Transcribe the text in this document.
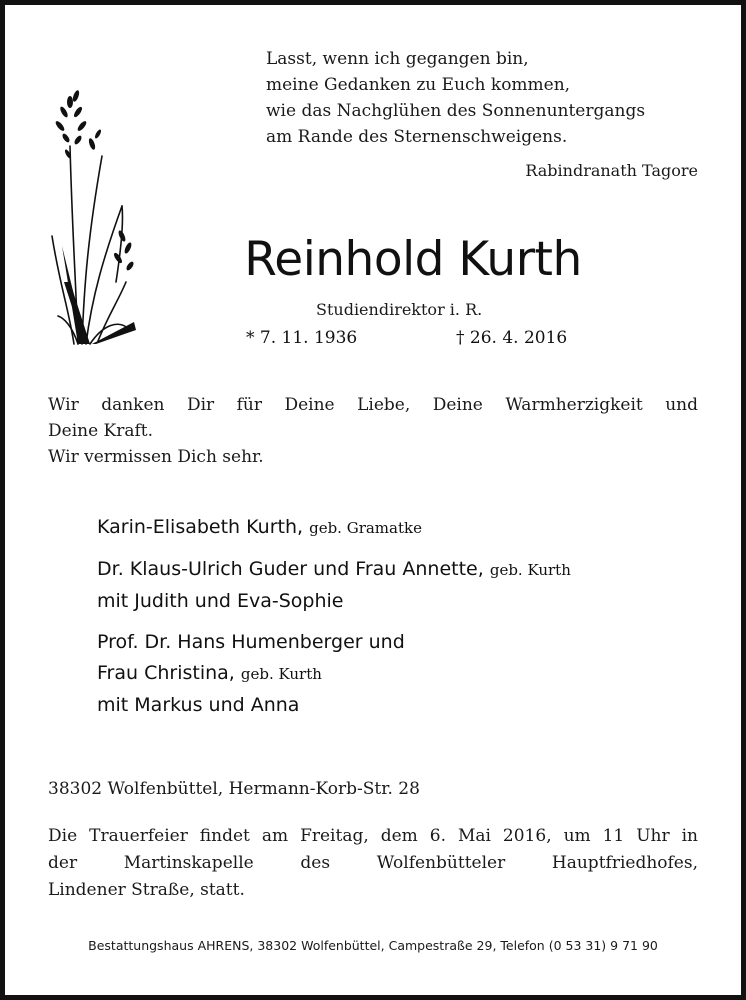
Lasst, wenn ich gegangen bin,
meine Gedanken zu Euch kommen,
wie das Nachglühen des Sonnenuntergangs
am Rande des Sternenschweigens.
Rabindranath Tagore
Reinhold Kurth
Studiendirektor i. R.
* 7. 11. 1936	† 26. 4. 2016
Wir danken Dir für Deine Liebe, Deine Warmherzigkeit und
Deine Kraft.
Wir vermissen Dich sehr.
Karin-Elisabeth Kurth, geb. Gramatke
Dr. Klaus-Ulrich Guder und Frau Annette, geb. Kurth
mit Judith und Eva-Sophie
Prof. Dr. Hans Humenberger und
Frau Christina, geb. Kurth
mit Markus und Anna
38302 Wolfenbüttel, Hermann-Korb-Str. 28
Die Trauerfeier findet am Freitag, dem 6. Mai 2016, um 11 Uhr in
der Martinskapelle des Wolfenbütteler Hauptfriedhofes,
Lindener Straße, statt.
Bestattungshaus AHRENS, 38302 Wolfenbüttel, Campestraße 29, Telefon (0 53 31) 9 71 90
